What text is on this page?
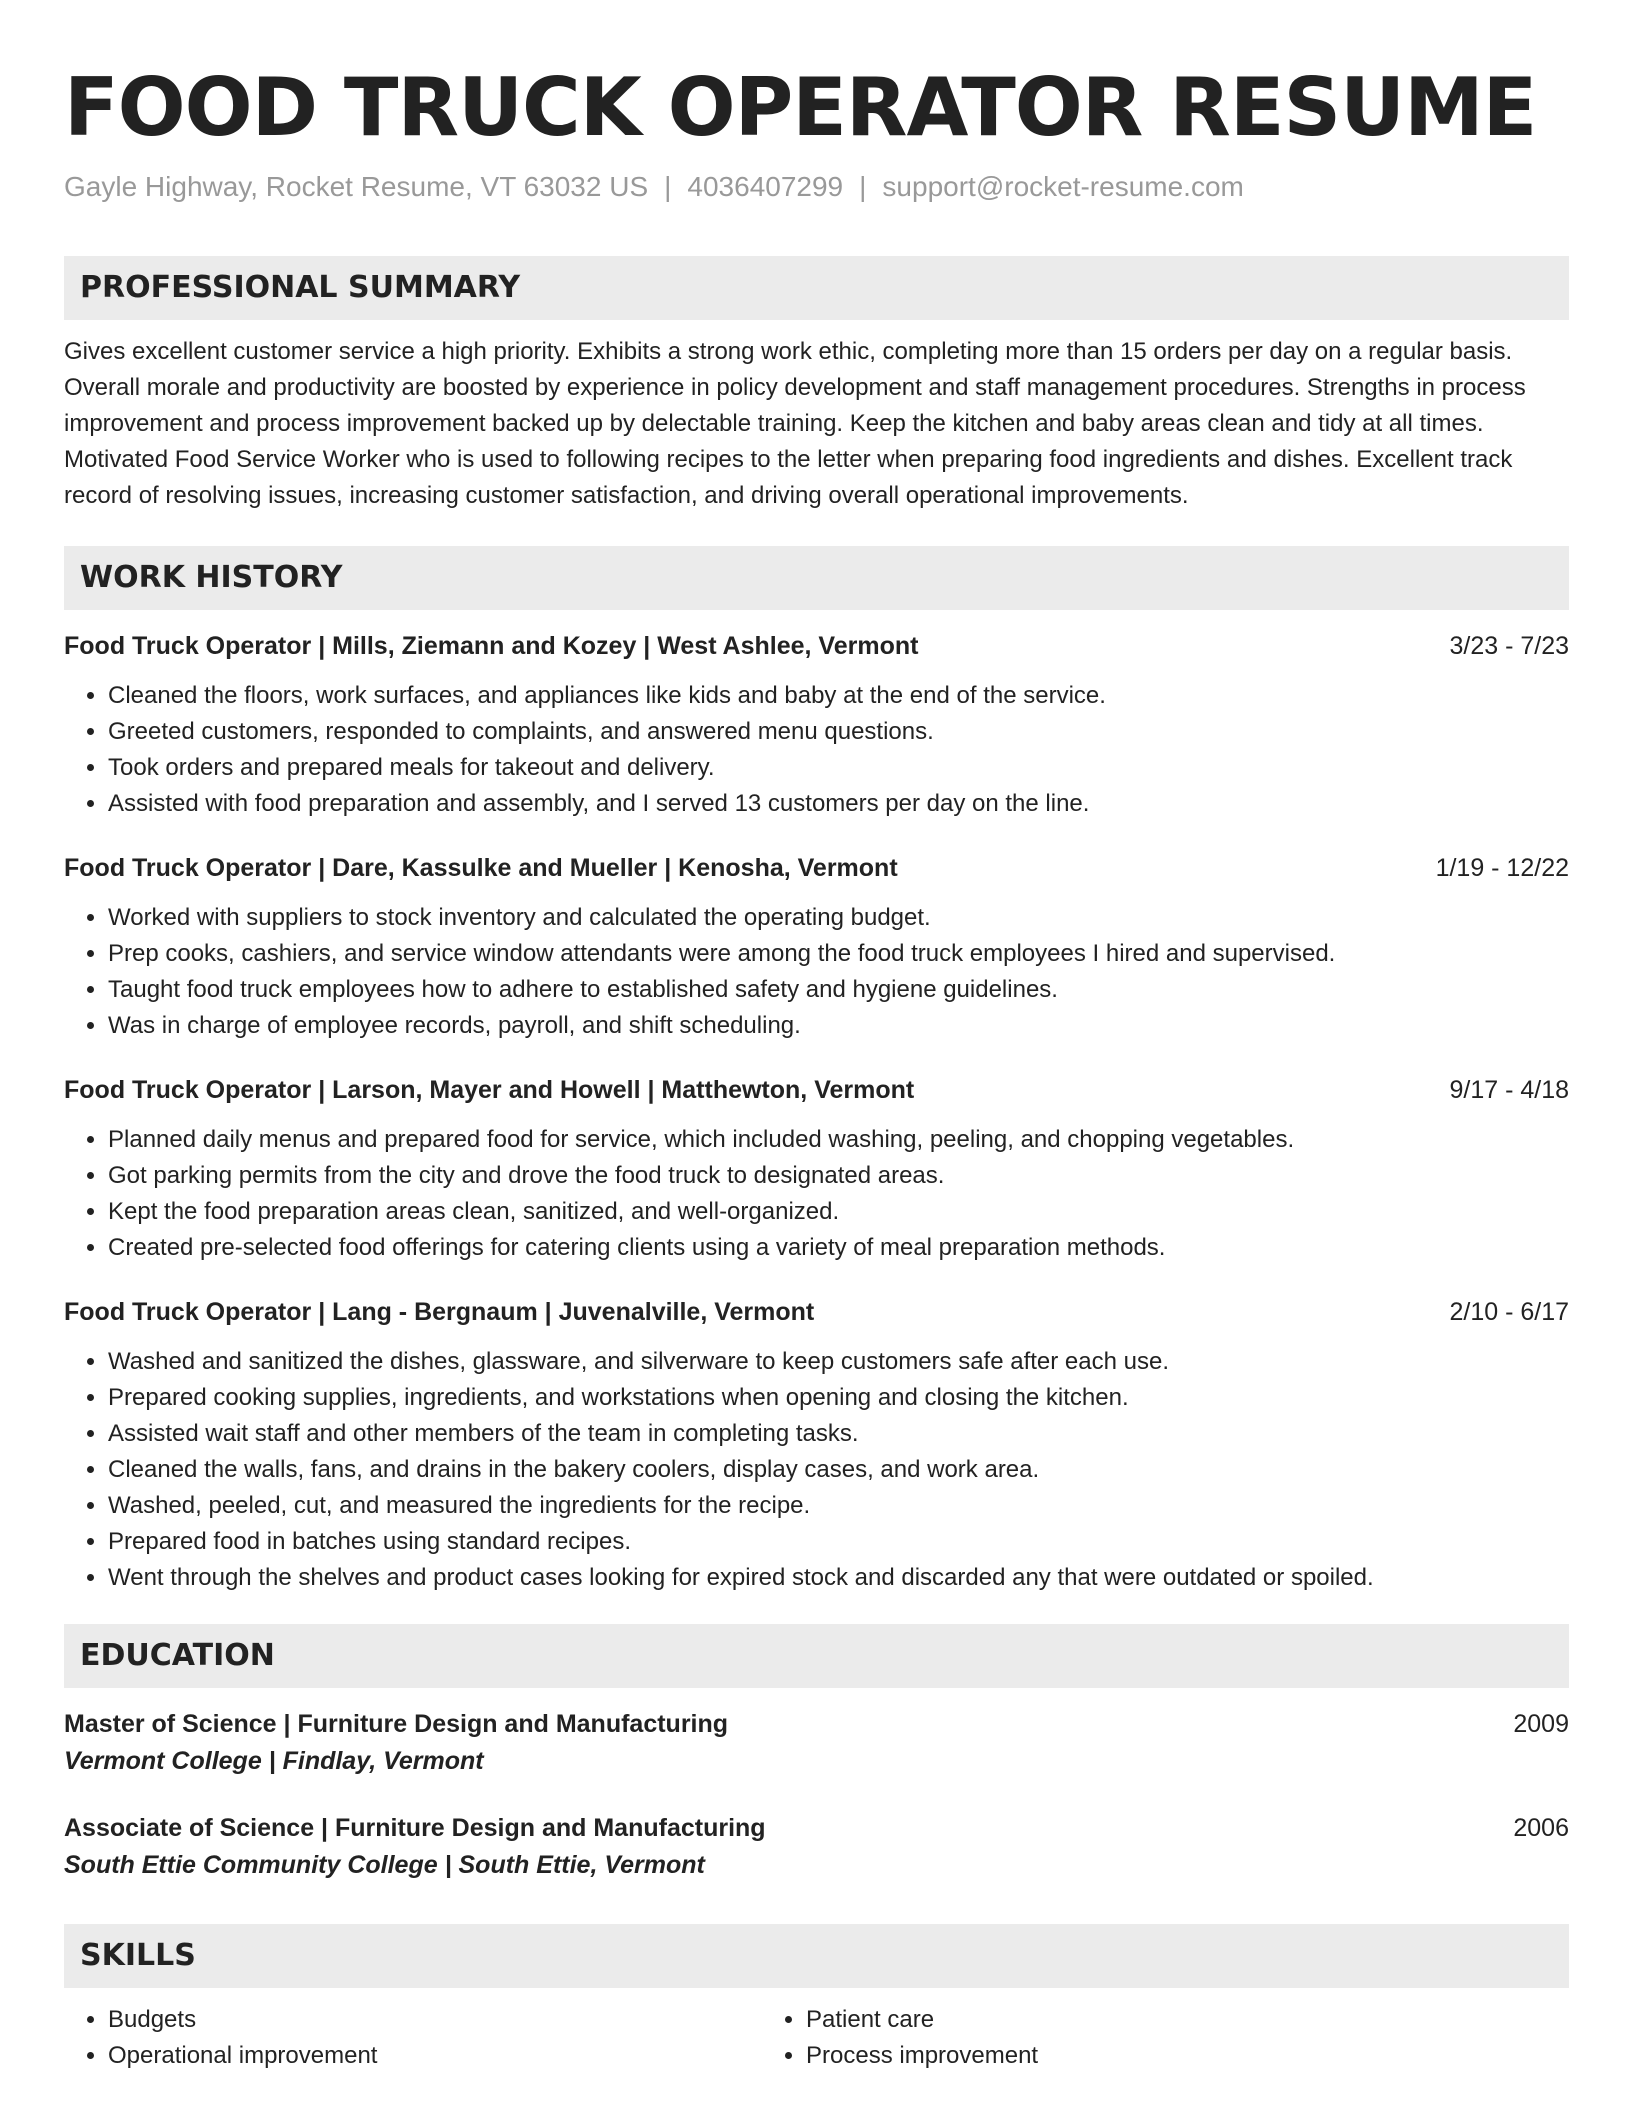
FOOD TRUCK OPERATOR RESUME
Gayle Highway, Rocket Resume, VT 63032 US | 4036407299 | support@rocket-resume.com
PROFESSIONAL SUMMARY

Gives excellent customer service a high priority. Exhibits a strong work ethic, completing more than 15 orders per day on a regular basis. Overall morale and productivity are boosted by experience in policy development and staff management procedures. Strengths in process improvement and process improvement backed up by delectable training. Keep the kitchen and baby areas clean and tidy at all times. Motivated Food Service Worker who is used to following recipes to the letter when preparing food ingredients and dishes. Excellent track record of resolving issues, increasing customer satisfaction, and driving overall operational improvements.

WORK HISTORY
Food Truck Operator | Mills, Ziemann and Kozey | West Ashlee, Vermont	3/23 - 7/23
• Cleaned the floors, work surfaces, and appliances like kids and baby at the end of the service.
• Greeted customers, responded to complaints, and answered menu questions.
• Took orders and prepared meals for takeout and delivery.
• Assisted with food preparation and assembly, and I served 13 customers per day on the line.
Food Truck Operator | Dare, Kassulke and Mueller | Kenosha, Vermont	1/19 - 12/22
• Worked with suppliers to stock inventory and calculated the operating budget.
• Prep cooks, cashiers, and service window attendants were among the food truck employees I hired and supervised.
• Taught food truck employees how to adhere to established safety and hygiene guidelines.
• Was in charge of employee records, payroll, and shift scheduling.
Food Truck Operator | Larson, Mayer and Howell | Matthewton, Vermont	9/17 - 4/18
• Planned daily menus and prepared food for service, which included washing, peeling, and chopping vegetables.
• Got parking permits from the city and drove the food truck to designated areas.
• Kept the food preparation areas clean, sanitized, and well-organized.
• Created pre-selected food offerings for catering clients using a variety of meal preparation methods.
Food Truck Operator | Lang - Bergnaum | Juvenalville, Vermont	2/10 - 6/17
• Washed and sanitized the dishes, glassware, and silverware to keep customers safe after each use.
• Prepared cooking supplies, ingredients, and workstations when opening and closing the kitchen.
• Assisted wait staff and other members of the team in completing tasks.
• Cleaned the walls, fans, and drains in the bakery coolers, display cases, and work area.
• Washed, peeled, cut, and measured the ingredients for the recipe.
• Prepared food in batches using standard recipes.
• Went through the shelves and product cases looking for expired stock and discarded any that were outdated or spoiled.
EDUCATION
Master of Science | Furniture Design and Manufacturing	2009
Vermont College | Findlay, Vermont
Associate of Science | Furniture Design and Manufacturing	2006
South Ettie Community College | South Ettie, Vermont
SKILLS
• Budgets
• Operational improvement
• Patient care
• Process improvement
